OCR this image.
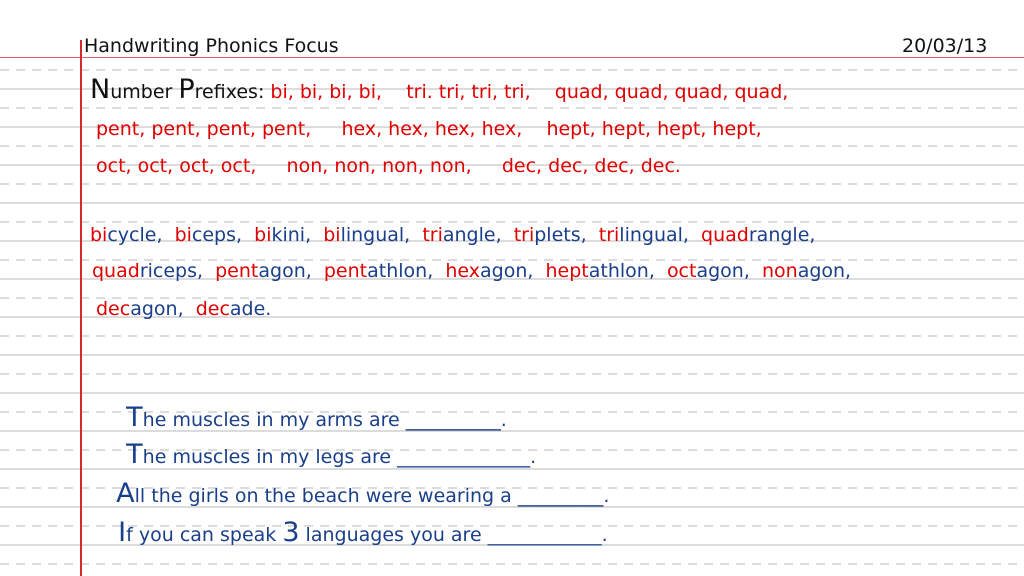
Handwriting Phonics Focus	20/03/13
Number Prefixes: bi, bi, bi, bi,    tri. tri, tri, tri,    quad, quad, quad, quad,
pent, pent, pent, pent,     hex, hex, hex, hex,    hept, hept, hept, hept,
oct, oct, oct, oct,     non, non, non, non,     dec, dec, dec, dec.
bicycle,  biceps,  bikini,  bilingual,  triangle,  triplets,  trilingual,  quadrangle,
quadriceps,  pentagon,  pentathlon,  hexagon,  heptathlon,  octagon,  nonagon,
decagon,  decade.

The muscles in my arms are __________.

The muscles in my legs are ______________.

All the girls on the beach were wearing a _________.

If you can speak 3 languages you are ____________.
